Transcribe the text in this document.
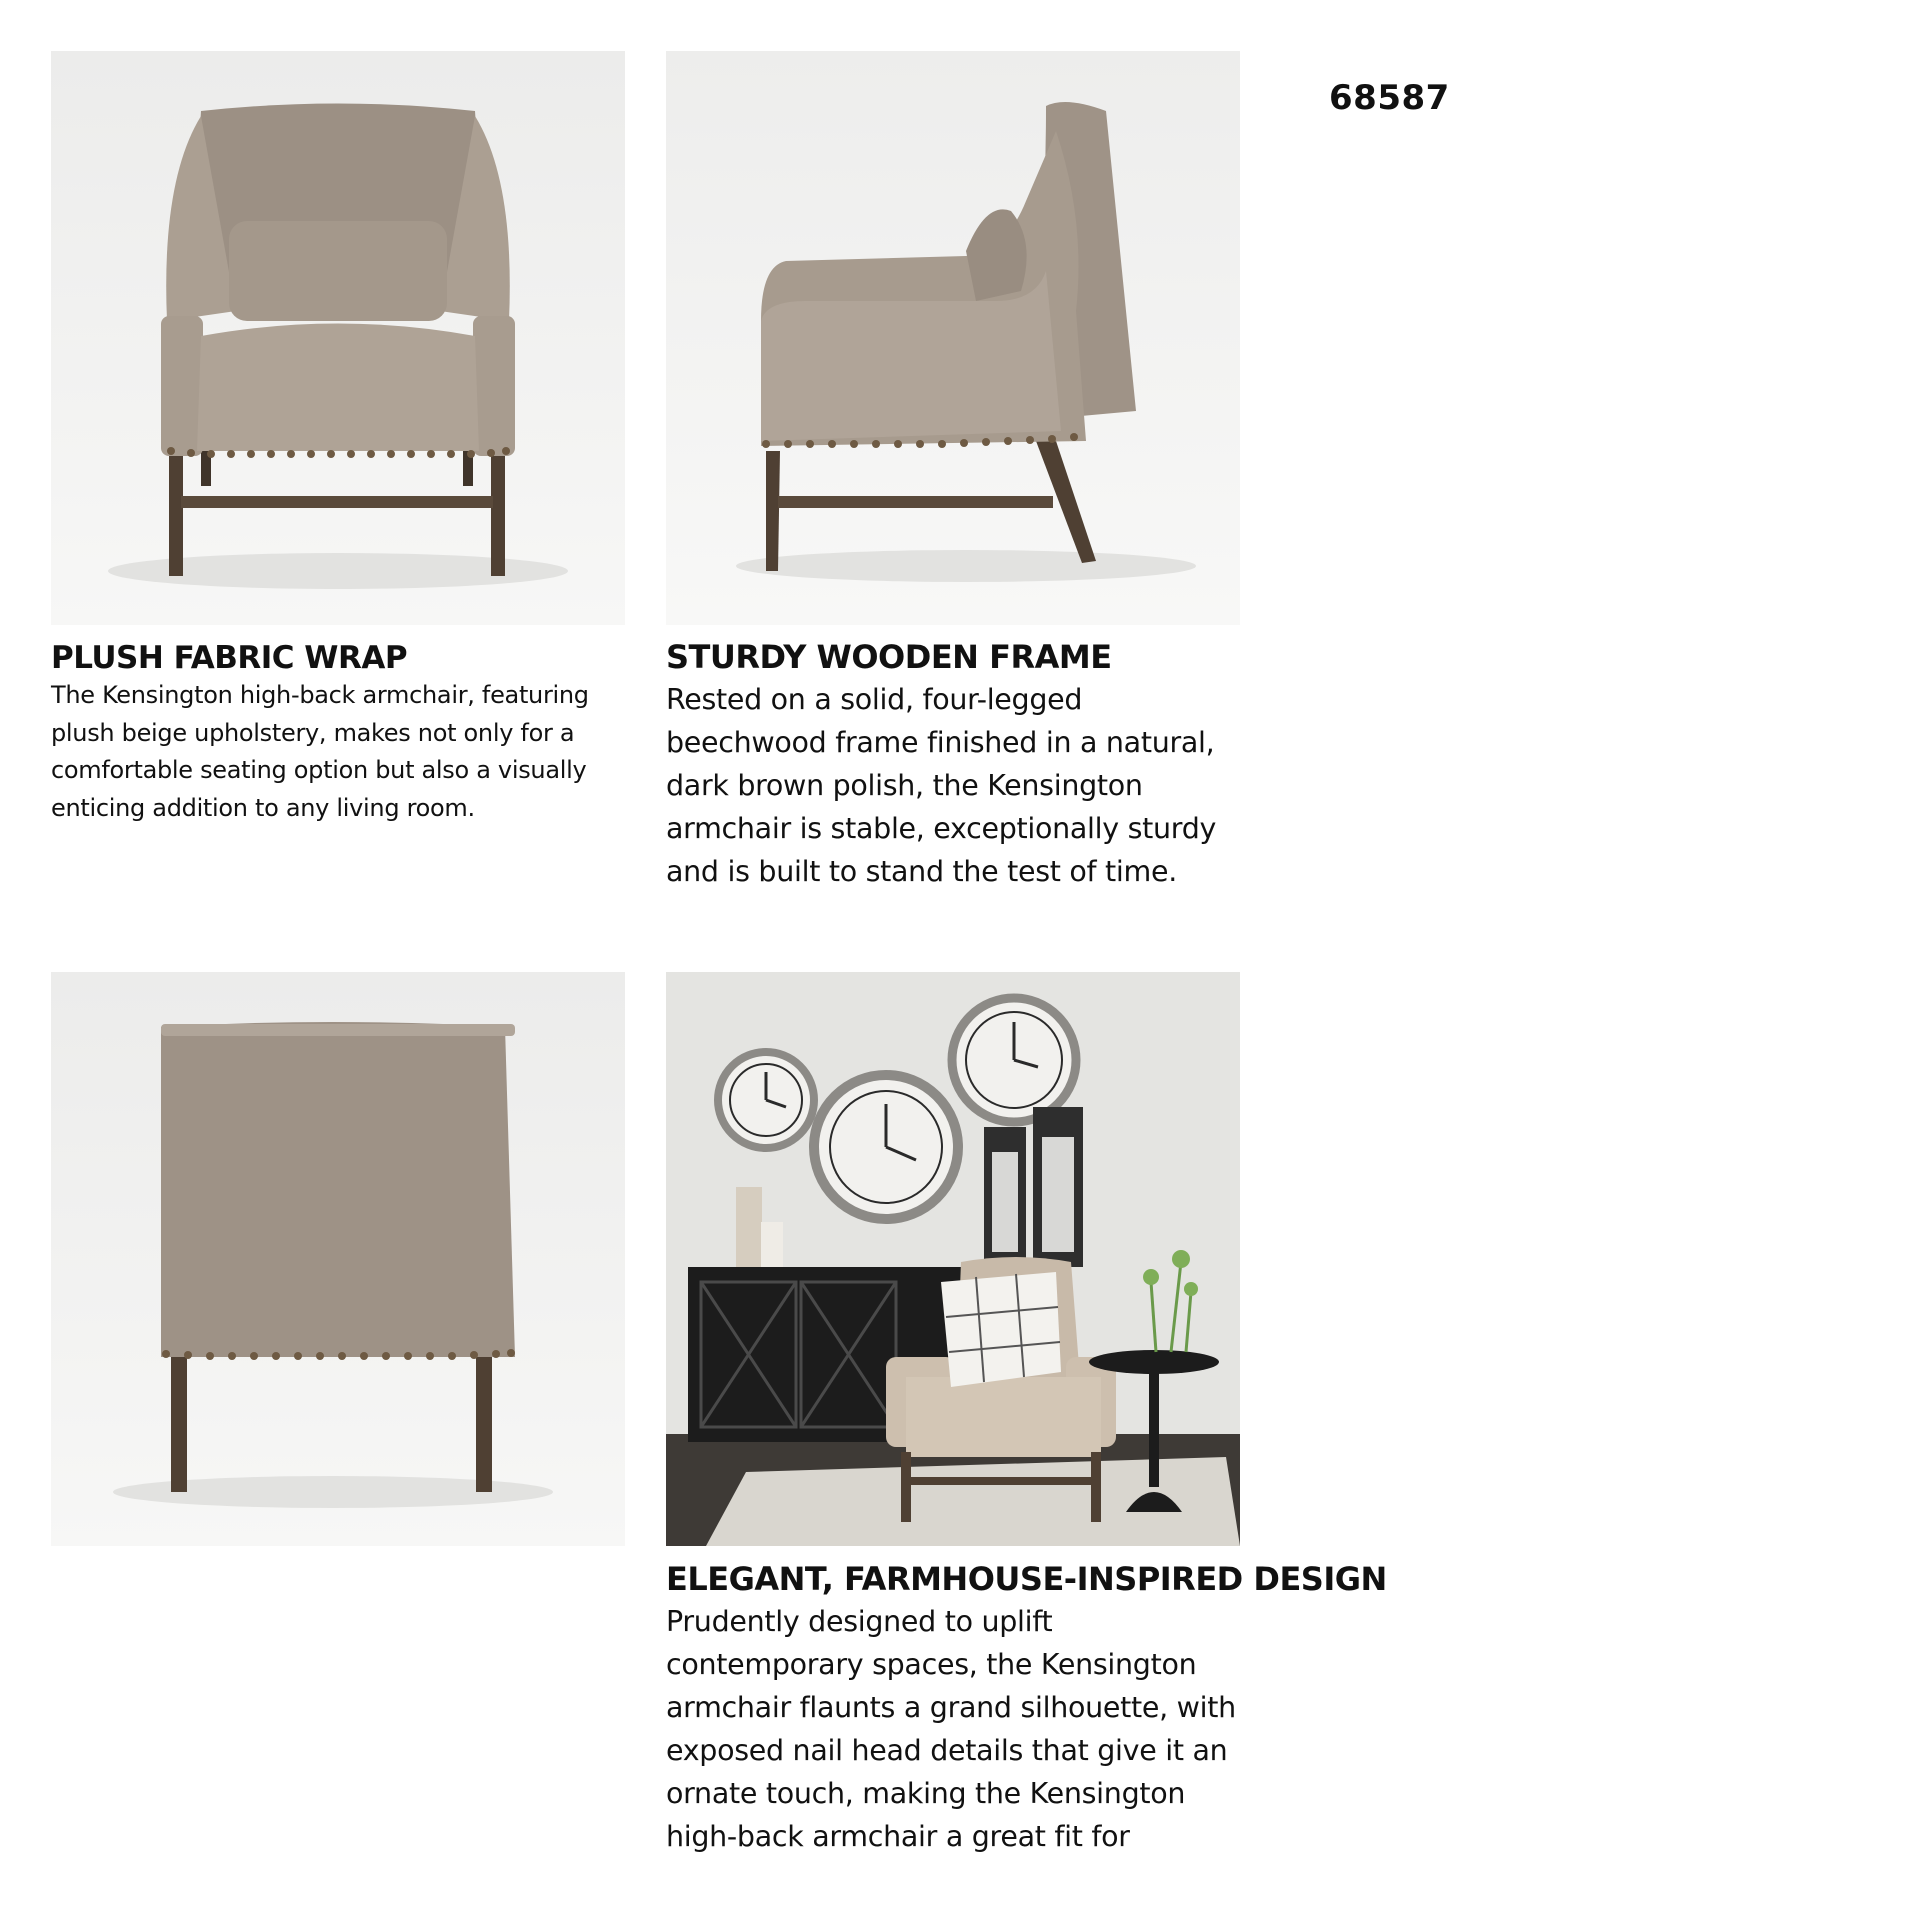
68587
PLUSH FABRIC WRAP
The Kensington high-back armchair, featuring
plush beige upholstery, makes not only for a
comfortable seating option but also a visually
enticing addition to any living room.
STURDY WOODEN FRAME
Rested on a solid, four-legged
beechwood frame finished in a natural,
dark brown polish, the Kensington
armchair is stable, exceptionally sturdy
and is built to stand the test of time.
ELEGANT, FARMHOUSE-INSPIRED DESIGN
Prudently designed to uplift
contemporary spaces, the Kensington
armchair flaunts a grand silhouette, with
exposed nail head details that give it an
ornate touch, making the Kensington
high-back armchair a great fit for
